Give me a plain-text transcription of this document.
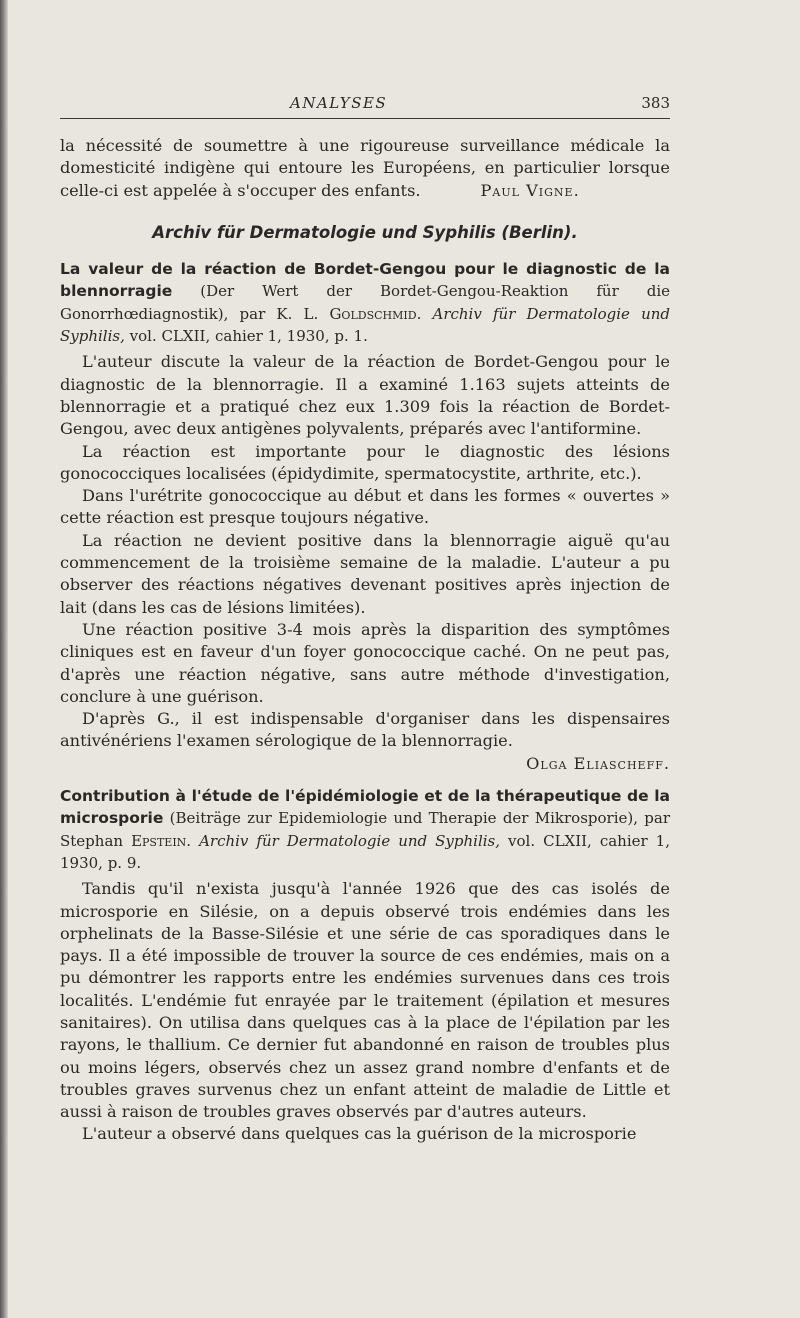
ANALYSES	383

la nécessité de soumettre à une rigoureuse surveillance médicale la domesticité indigène qui entoure les Européens, en particulier lorsque celle-ci est appelée à s'occuper des enfants.	Paul Vigne.

Archiv für Dermatologie und Syphilis (Berlin).

La valeur de la réaction de Bordet-Gengou pour le diagnostic de la blennorragie (Der Wert der Bordet-Gengou-Reaktion für die Gonorrhœdiagnostik), par K. L. Goldschmid. Archiv für Dermatologie und Syphilis, vol. CLXII, cahier 1, 1930, p. 1.

L'auteur discute la valeur de la réaction de Bordet-Gengou pour le diagnostic de la blennorragie. Il a examiné 1.163 sujets atteints de blennorragie et a pratiqué chez eux 1.309 fois la réaction de Bordet-Gengou, avec deux antigènes polyvalents, préparés avec l'antiformine.

La réaction est importante pour le diagnostic des lésions gonococciques localisées (épidydimite, spermatocystite, arthrite, etc.).

Dans l'urétrite gonococcique au début et dans les formes « ouvertes » cette réaction est presque toujours négative.

La réaction ne devient positive dans la blennorragie aiguë qu'au commencement de la troisième semaine de la maladie. L'auteur a pu observer des réactions négatives devenant positives après injection de lait (dans les cas de lésions limitées).

Une réaction positive 3-4 mois après la disparition des symptômes cliniques est en faveur d'un foyer gonococcique caché. On ne peut pas, d'après une réaction négative, sans autre méthode d'investigation, conclure à une guérison.

D'après G., il est indispensable d'organiser dans les dispensaires antivénériens l'examen sérologique de la blennorragie.

Olga Eliascheff.

Contribution à l'étude de l'épidémiologie et de la thérapeutique de la microsporie (Beiträge zur Epidemiologie und Therapie der Mikrosporie), par Stephan Epstein. Archiv für Dermatologie und Syphilis, vol. CLXII, cahier 1, 1930, p. 9.

Tandis qu'il n'exista jusqu'à l'année 1926 que des cas isolés de microsporie en Silésie, on a depuis observé trois endémies dans les orphelinats de la Basse-Silésie et une série de cas sporadiques dans le pays. Il a été impossible de trouver la source de ces endémies, mais on a pu démontrer les rapports entre les endémies survenues dans ces trois localités. L'endémie fut enrayée par le traitement (épilation et mesures sanitaires). On utilisa dans quelques cas à la place de l'épilation par les rayons, le thallium. Ce dernier fut abandonné en raison de troubles plus ou moins légers, observés chez un assez grand nombre d'enfants et de troubles graves survenus chez un enfant atteint de maladie de Little et aussi à raison de troubles graves observés par d'autres auteurs.

L'auteur a observé dans quelques cas la guérison de la microsporie
